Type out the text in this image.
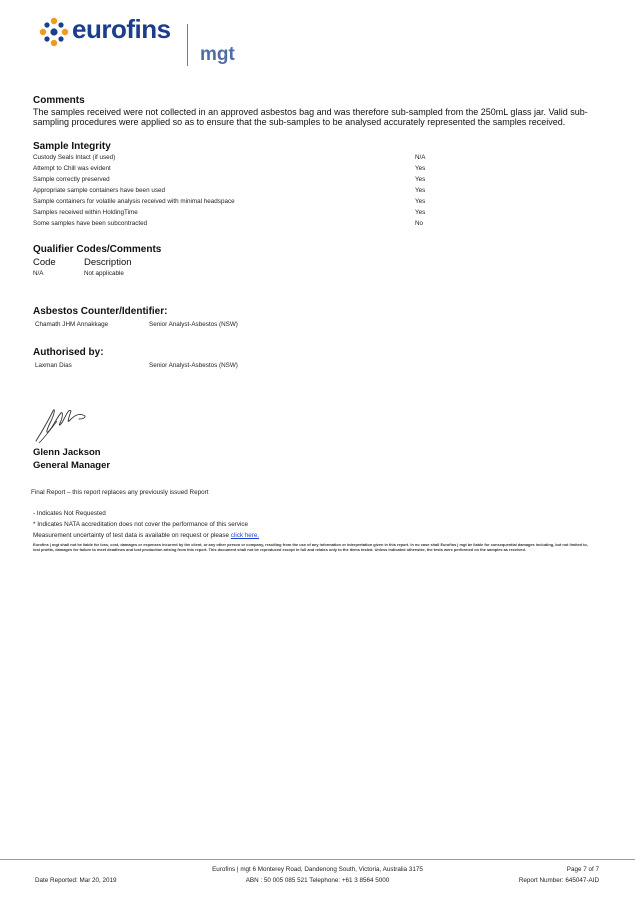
eurofins
mgt
Comments
The samples received were not collected in an approved asbestos bag and was therefore sub-sampled from the 250mL glass jar. Valid sub-
sampling procedures were applied so as to ensure that the sub-samples to be analysed accurately represented the samples received.
Sample Integrity
Custody Seals Intact (if used)	N/A
Attempt to Chill was evident	Yes
Sample correctly preserved	Yes
Appropriate sample containers have been used	Yes
Sample containers for volatile analysis received with minimal headspace	Yes
Samples received within HoldingTime	Yes
Some samples have been subcontracted	No
Qualifier Codes/Comments
Code	Description
N/A	Not applicable
Asbestos Counter/Identifier:
Chamath JHM Annakkage	Senior Analyst-Asbestos (NSW)
Authorised by:
Laxman Dias	Senior Analyst-Asbestos (NSW)
Glenn Jackson
General Manager
Final Report – this report replaces any previously issued Report
- Indicates Not Requested
* Indicates NATA accreditation does not cover the performance of this service
Measurement uncertainty of test data is available on request or please click here.
Eurofins | mgt shall not be liable for loss, cost, damages or expenses incurred by the client, or any other person or company, resulting from the use of any information or interpretation given in this report. In no case shall Eurofins | mgt be liable for consequential damages including, but not limited to, lost profits, damages for failure to meet deadlines and lost production arising from this report. This document shall not be reproduced except in full and relates only to the items tested. Unless indicated otherwise, the tests were performed on the samples as received.
Eurofins | mgt 6 Monterey Road, Dandenong South, Victoria, Australia 3175	Page 7 of 7
Date Reported: Mar 20, 2019	ABN : 50 005 085 521 Telephone: +61 3 8564 5000	Report Number: 645047-AID
